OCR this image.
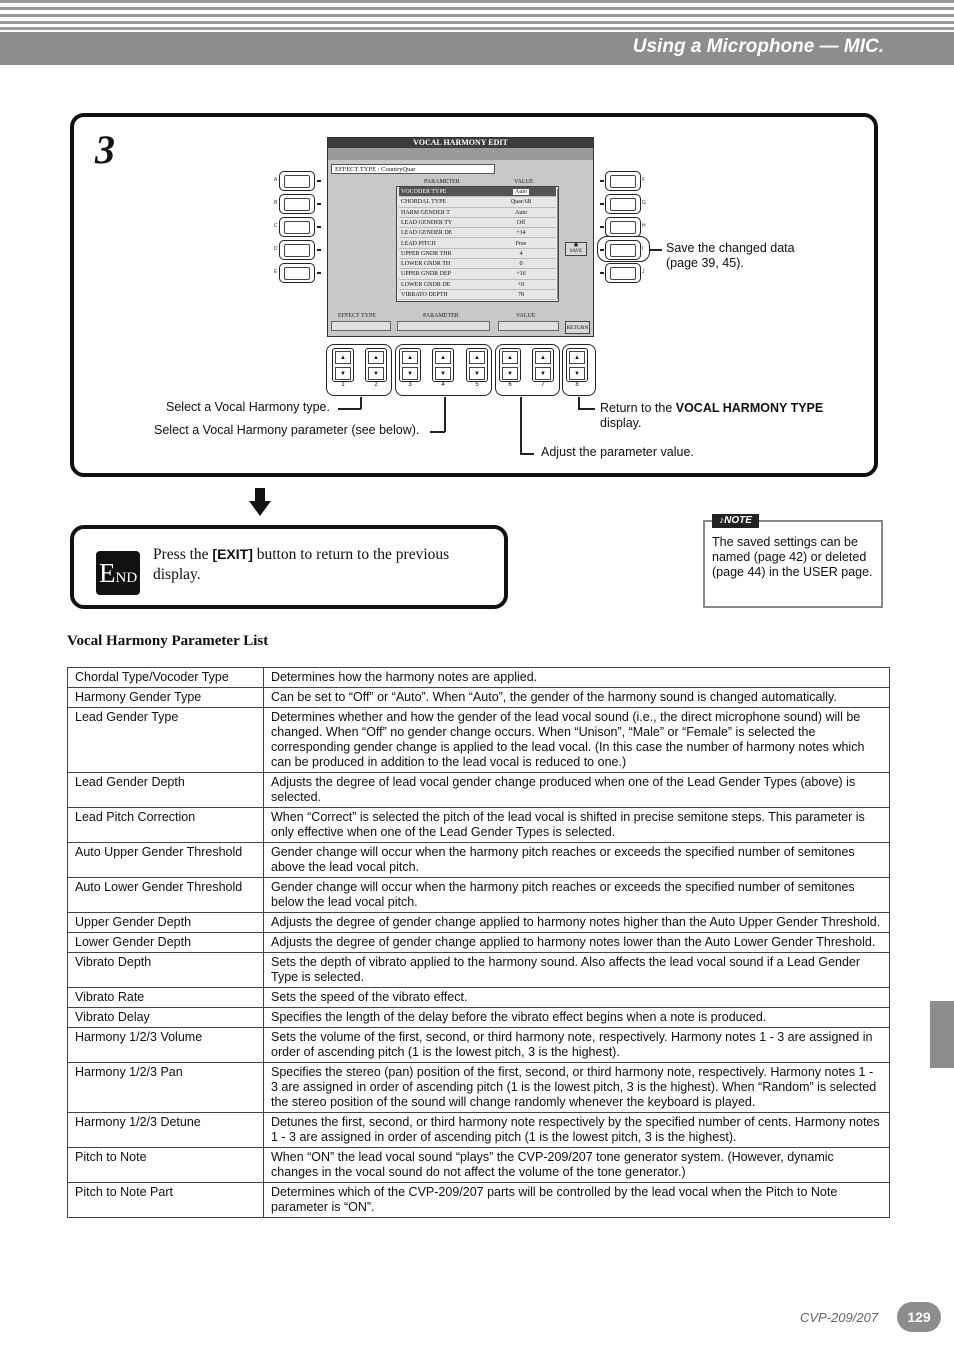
Using a Microphone — MIC.
3	VOCAL HARMONY EDIT
EFFECT TYPE : CountryQuar
PARAMETER	VALUE
VOCODER TYPE	Auto
CHORDAL TYPE	QuarAB
HARM GENDER T	Auto
LEAD GENDER TY	Off
LEAD GENDER DE	+14
LEAD PITCH	Free
UPPER GNDR THR	4
LOWER GNDR TH	0
UPPER GNDR DEP	+16
LOWER GNDR DE	+0
VIBRATO DEPTH	78
▣
SAVE
EFFECT TYPE	PARAMETER	VALUE
RETURN
A
B
C
D
E
F
G
H
I
J
▲
▼
▲
▼
▲
▼
▲
▼
▲
▼
▲
▼
▲
▼
▲
▼
1	2	3	4	5	6	7	8
Save the changed data (page 39, 45).
Select a Vocal Harmony type.
Select a Vocal Harmony parameter (see below).
Adjust the parameter value.
Return to the VOCAL HARMONY TYPE
display.
END
Press the [EXIT] button to return to the previous display.
♪NOTE
The saved settings can be named (page 42) or deleted (page 44) in the USER page.
Vocal Harmony Parameter List
Chordal Type/Vocoder Type	Determines how the harmony notes are applied.
Harmony Gender Type	Can be set to “Off” or “Auto”. When “Auto”, the gender of the harmony sound is changed automatically.
Lead Gender Type	Determines whether and how the gender of the lead vocal sound (i.e., the direct microphone sound) will be changed. When “Off” no gender change occurs. When “Unison”, “Male” or “Female” is selected the corresponding gender change is applied to the lead vocal. (In this case the number of harmony notes which can be produced in addition to the lead vocal is reduced to one.)
Lead Gender Depth	Adjusts the degree of lead vocal gender change produced when one of the Lead Gender Types (above) is selected.
Lead Pitch Correction	When “Correct” is selected the pitch of the lead vocal is shifted in precise semitone steps. This parameter is only effective when one of the Lead Gender Types is selected.
Auto Upper Gender Threshold	Gender change will occur when the harmony pitch reaches or exceeds the specified number of semitones above the lead vocal pitch.
Auto Lower Gender Threshold	Gender change will occur when the harmony pitch reaches or exceeds the specified number of semitones below the lead vocal pitch.
Upper Gender Depth	Adjusts the degree of gender change applied to harmony notes higher than the Auto Upper Gender Threshold.
Lower Gender Depth	Adjusts the degree of gender change applied to harmony notes lower than the Auto Lower Gender Threshold.
Vibrato Depth	Sets the depth of vibrato applied to the harmony sound. Also affects the lead vocal sound if a Lead Gender Type is selected.
Vibrato Rate	Sets the speed of the vibrato effect.
Vibrato Delay	Specifies the length of the delay before the vibrato effect begins when a note is produced.
Harmony 1/2/3 Volume	Sets the volume of the first, second, or third harmony note, respectively. Harmony notes 1 - 3 are assigned in order of ascending pitch (1 is the lowest pitch, 3 is the highest).
Harmony 1/2/3 Pan	Specifies the stereo (pan) position of the first, second, or third harmony note, respectively. Harmony notes 1 - 3 are assigned in order of ascending pitch (1 is the lowest pitch, 3 is the highest). When “Random” is selected the stereo position of the sound will change randomly whenever the keyboard is played.
Harmony 1/2/3 Detune	Detunes the first, second, or third harmony note respectively by the specified number of cents. Harmony notes 1 - 3 are assigned in order of ascending pitch (1 is the lowest pitch, 3 is the highest).
Pitch to Note	When “ON” the lead vocal sound “plays” the CVP-209/207 tone generator system. (However, dynamic changes in the vocal sound do not affect the volume of the tone generator.)
Pitch to Note Part	Determines which of the CVP-209/207 parts will be controlled by the lead vocal when the Pitch to Note parameter is “ON”.
CVP-209/207	129
